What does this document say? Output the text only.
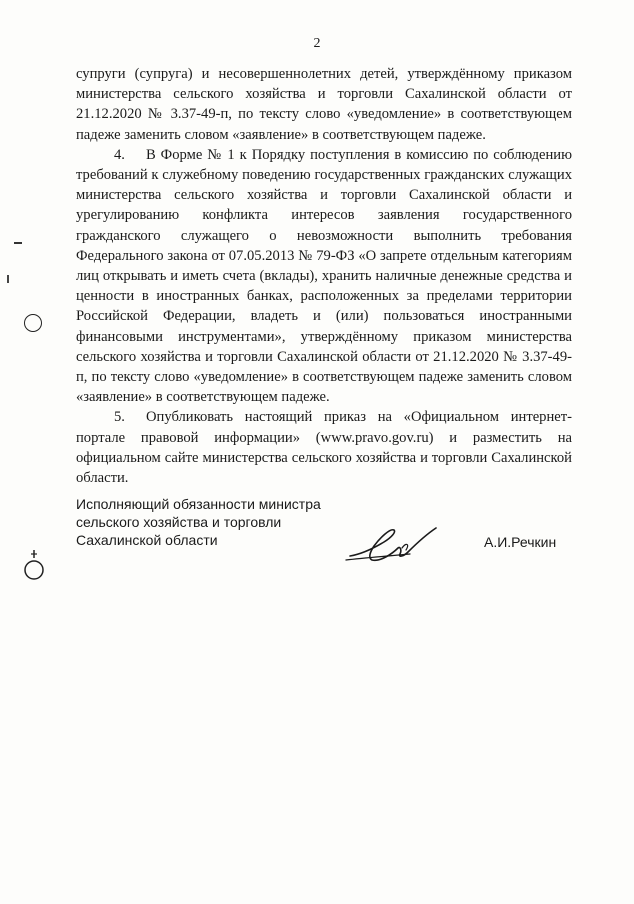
2

супруги (супруга) и несовершеннолетних детей, утверждённому приказом министерства сельского хозяйства и торговли Сахалинской области от 21.12.2020 № 3.37-49-п, по тексту слово «уведомление» в соответствующем падеже заменить словом «заявление» в соответствующем падеже.

4. В Форме № 1 к Порядку поступления в комиссию по соблюдению требований к служебному поведению государственных гражданских служащих министерства сельского хозяйства и торговли Сахалинской области и урегулированию конфликта интересов заявления государственного гражданского служащего о невозможности выполнить требования Федерального закона от 07.05.2013 № 79-ФЗ «О запрете отдельным категориям лиц открывать и иметь счета (вклады), хранить наличные денежные средства и ценности в иностранных банках, расположенных за пределами территории Российской Федерации, владеть и (или) пользоваться иностранными финансовыми инструментами», утверждённому приказом министерства сельского хозяйства и торговли Сахалинской области от 21.12.2020 № 3.37-49-п, по тексту слово «уведомление» в соответствующем падеже заменить словом «заявление» в соответствующем падеже.

5. Опубликовать настоящий приказ на «Официальном интернет-портале правовой информации» (www.pravo.gov.ru) и разместить на официальном сайте министерства сельского хозяйства и торговли Сахалинской области.

Исполняющий обязанности министра
сельского хозяйства и торговли
Сахалинской области	А.И.Речкин
